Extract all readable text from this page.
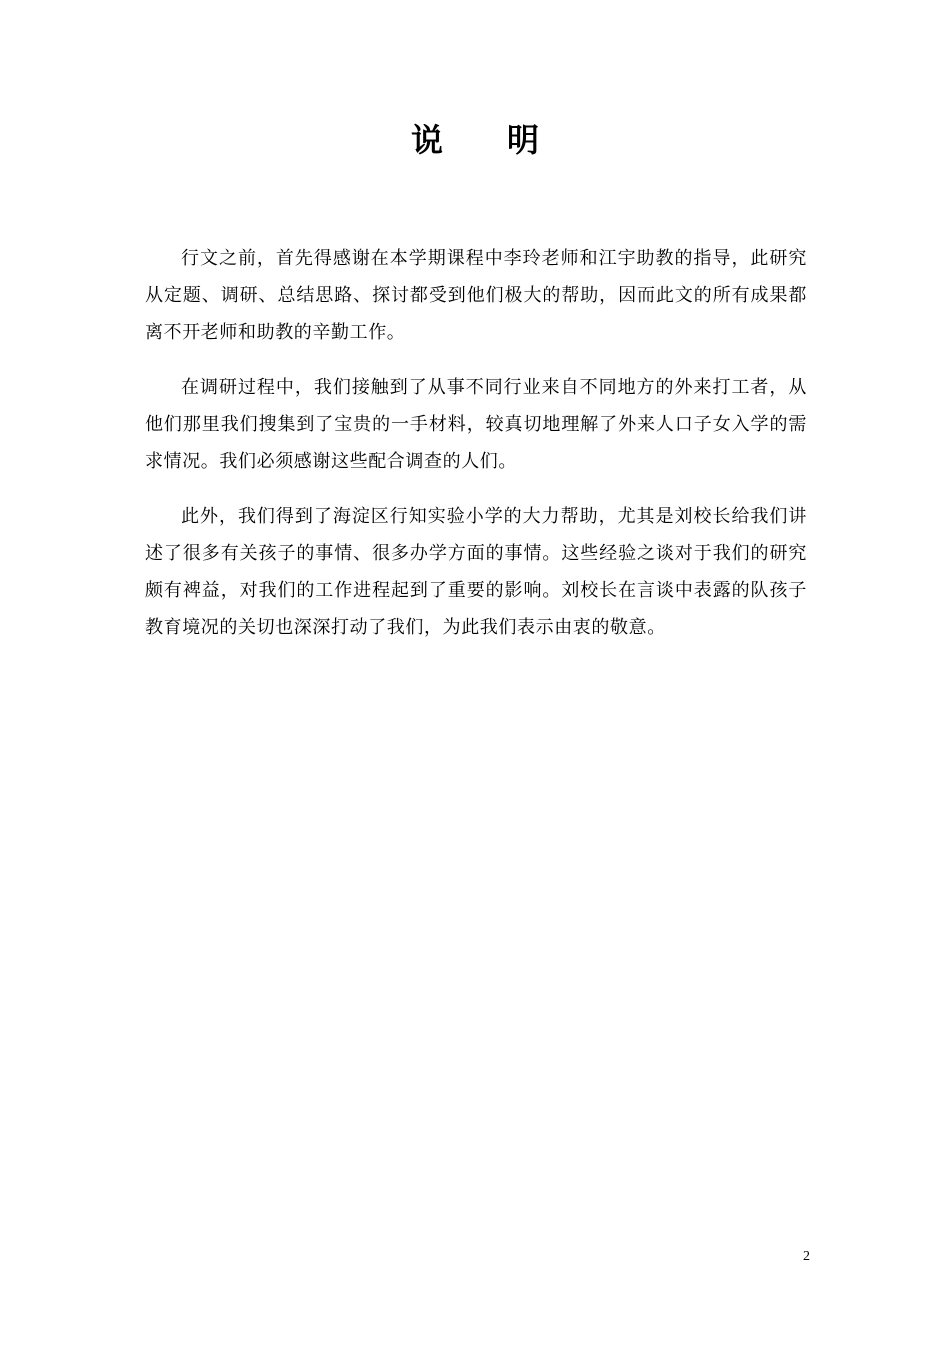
说明

行文之前，首先得感谢在本学期课程中李玲老师和江宇助教的指导，此研究从定题、调研、总结思路、探讨都受到他们极大的帮助，因而此文的所有成果都离不开老师和助教的辛勤工作。

在调研过程中，我们接触到了从事不同行业来自不同地方的外来打工者，从他们那里我们搜集到了宝贵的一手材料，较真切地理解了外来人口子女入学的需求情况。我们必须感谢这些配合调查的人们。

此外，我们得到了海淀区行知实验小学的大力帮助，尤其是刘校长给我们讲述了很多有关孩子的事情、很多办学方面的事情。这些经验之谈对于我们的研究颇有裨益，对我们的工作进程起到了重要的影响。刘校长在言谈中表露的队孩子教育境况的关切也深深打动了我们，为此我们表示由衷的敬意。

2
